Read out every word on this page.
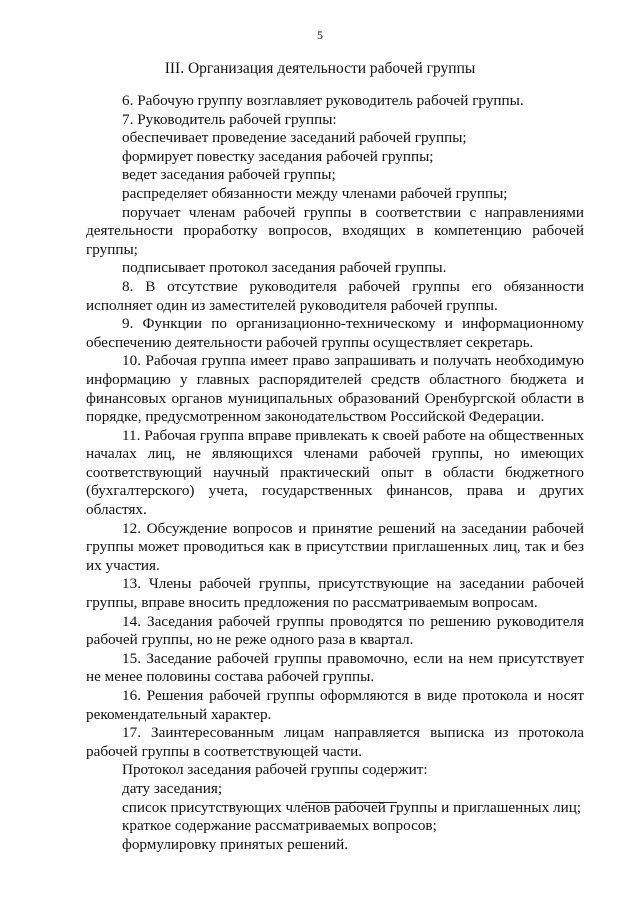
5
III. Организация деятельности рабочей группы

6. Рабочую группу возглавляет руководитель рабочей группы.

7. Руководитель рабочей группы:

обеспечивает проведение заседаний рабочей группы;

формирует повестку заседания рабочей группы;

ведет заседания рабочей группы;

распределяет обязанности между членами рабочей группы;

поручает членам рабочей группы в соответствии с направлениями деятельности проработку вопросов, входящих в компетенцию рабочей группы;

подписывает протокол заседания рабочей группы.

8. В отсутствие руководителя рабочей группы его обязанности исполняет один из заместителей руководителя рабочей группы.

9. Функции по организационно-техническому и информационному обеспечению деятельности рабочей группы осуществляет секретарь.

10. Рабочая группа имеет право запрашивать и получать необходимую информацию у главных распорядителей средств областного бюджета и финансовых органов муниципальных образований Оренбургской области в порядке, предусмотренном законодательством Российской Федерации.

11. Рабочая группа вправе привлекать к своей работе на общественных началах лиц, не являющихся членами рабочей группы, но имеющих соответствующий научный практический опыт в области бюджетного (бухгалтерского) учета, государственных финансов, права и других областях.

12. Обсуждение вопросов и принятие решений на заседании рабочей группы может проводиться как в присутствии приглашенных лиц, так и без их участия.

13. Члены рабочей группы, присутствующие на заседании рабочей группы, вправе вносить предложения по рассматриваемым вопросам.

14. Заседания рабочей группы проводятся по решению руководителя рабочей группы, но не реже одного раза в квартал.

15. Заседание рабочей группы правомочно, если на нем присутствует не менее половины состава рабочей группы.

16. Решения рабочей группы оформляются в виде протокола и носят рекомендательный характер.

17. Заинтересованным лицам направляется выписка из протокола рабочей группы в соответствующей части.

Протокол заседания рабочей группы содержит:

дату заседания;

список присутствующих членов рабочей группы и приглашенных лиц;

краткое содержание рассматриваемых вопросов;

формулировку принятых решений.
